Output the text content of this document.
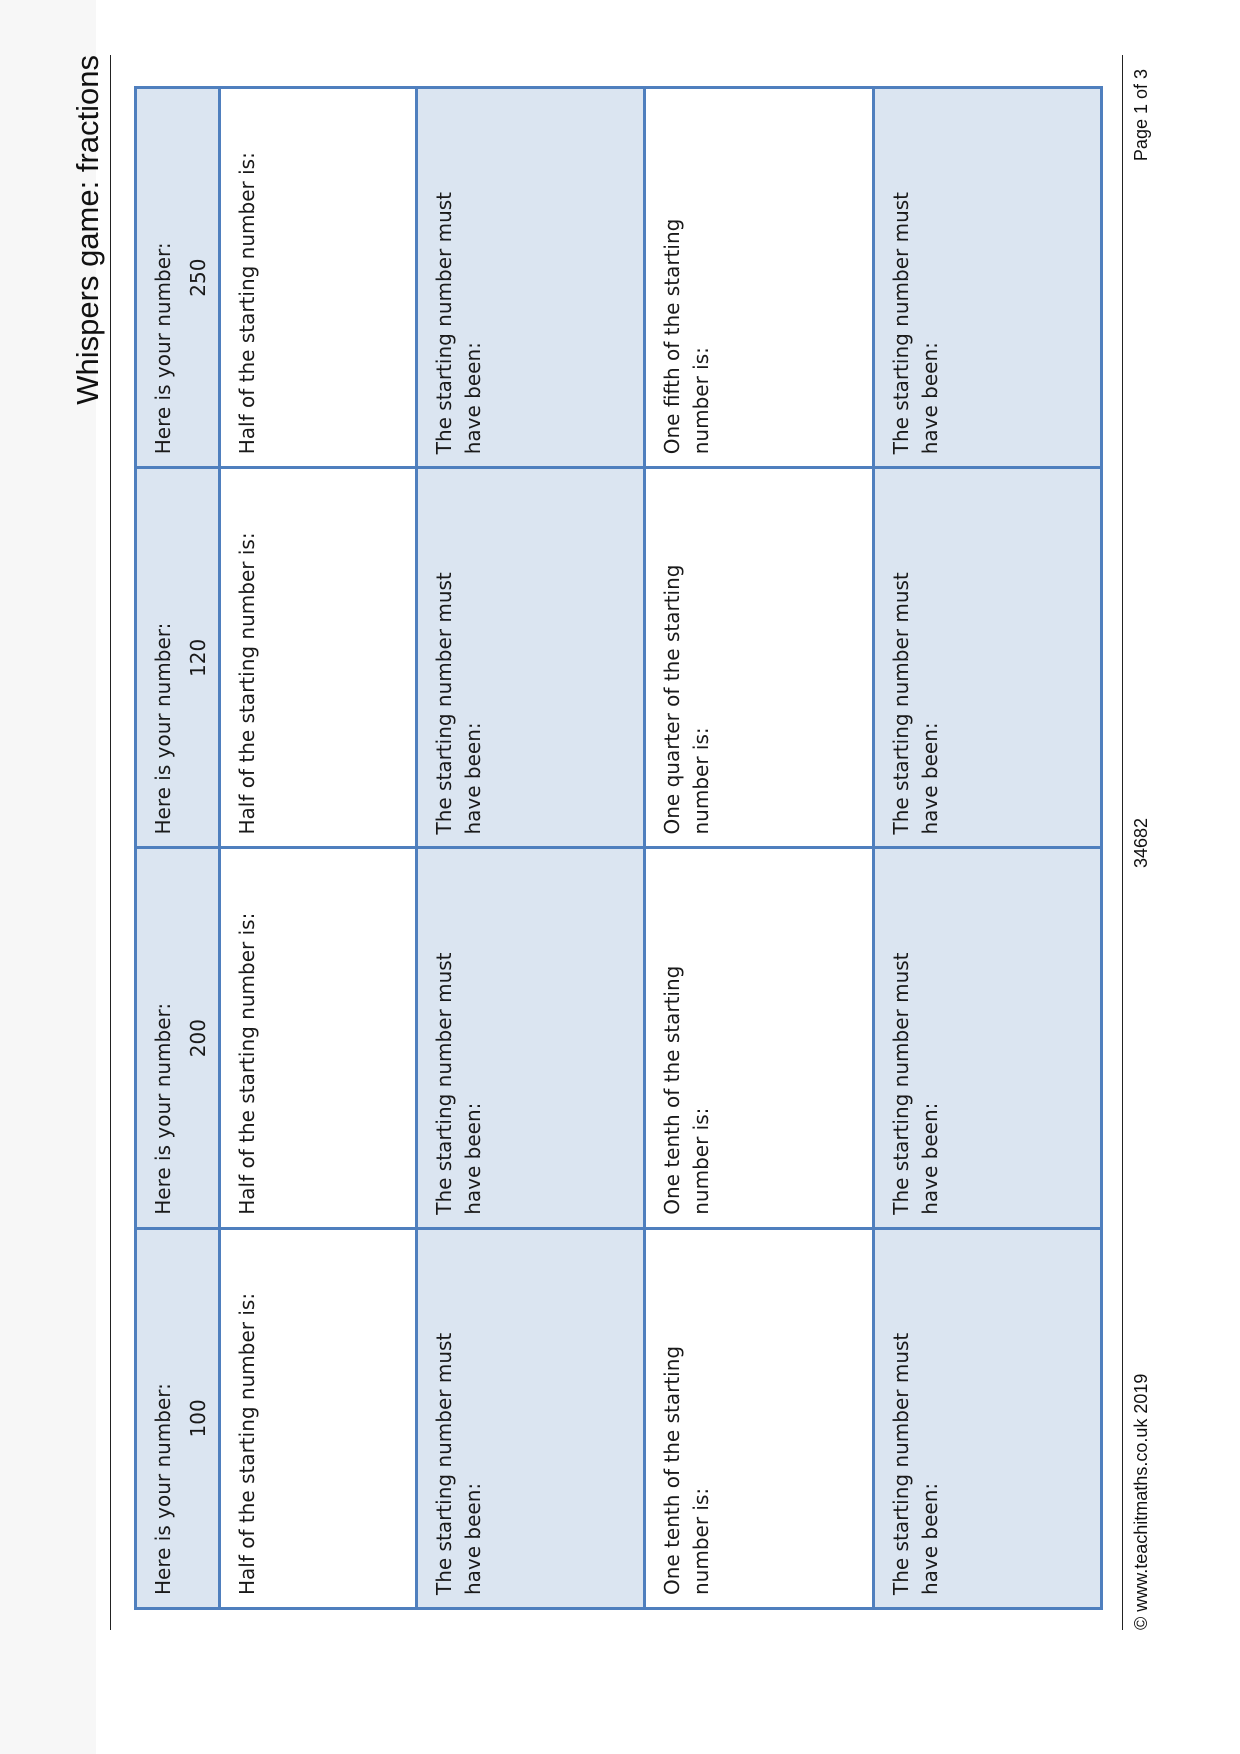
Whispers game: fractions
Here is your number: 100	Here is your number: 200	Here is your number: 120	Here is your number: 250

Half of the starting number is:	Half of the starting number is:	Half of the starting number is:	Half of the starting number is:

The starting number must have been:	The starting number must have been:	The starting number must have been:	The starting number must have been:

One tenth of the starting number is:	One tenth of the starting number is:	One quarter of the starting number is:	One fifth of the starting number is:

The starting number must have been:	The starting number must have been:	The starting number must have been:	The starting number must have been:
© www.teachitmaths.co.uk 2019
34682
Page 1 of 3
